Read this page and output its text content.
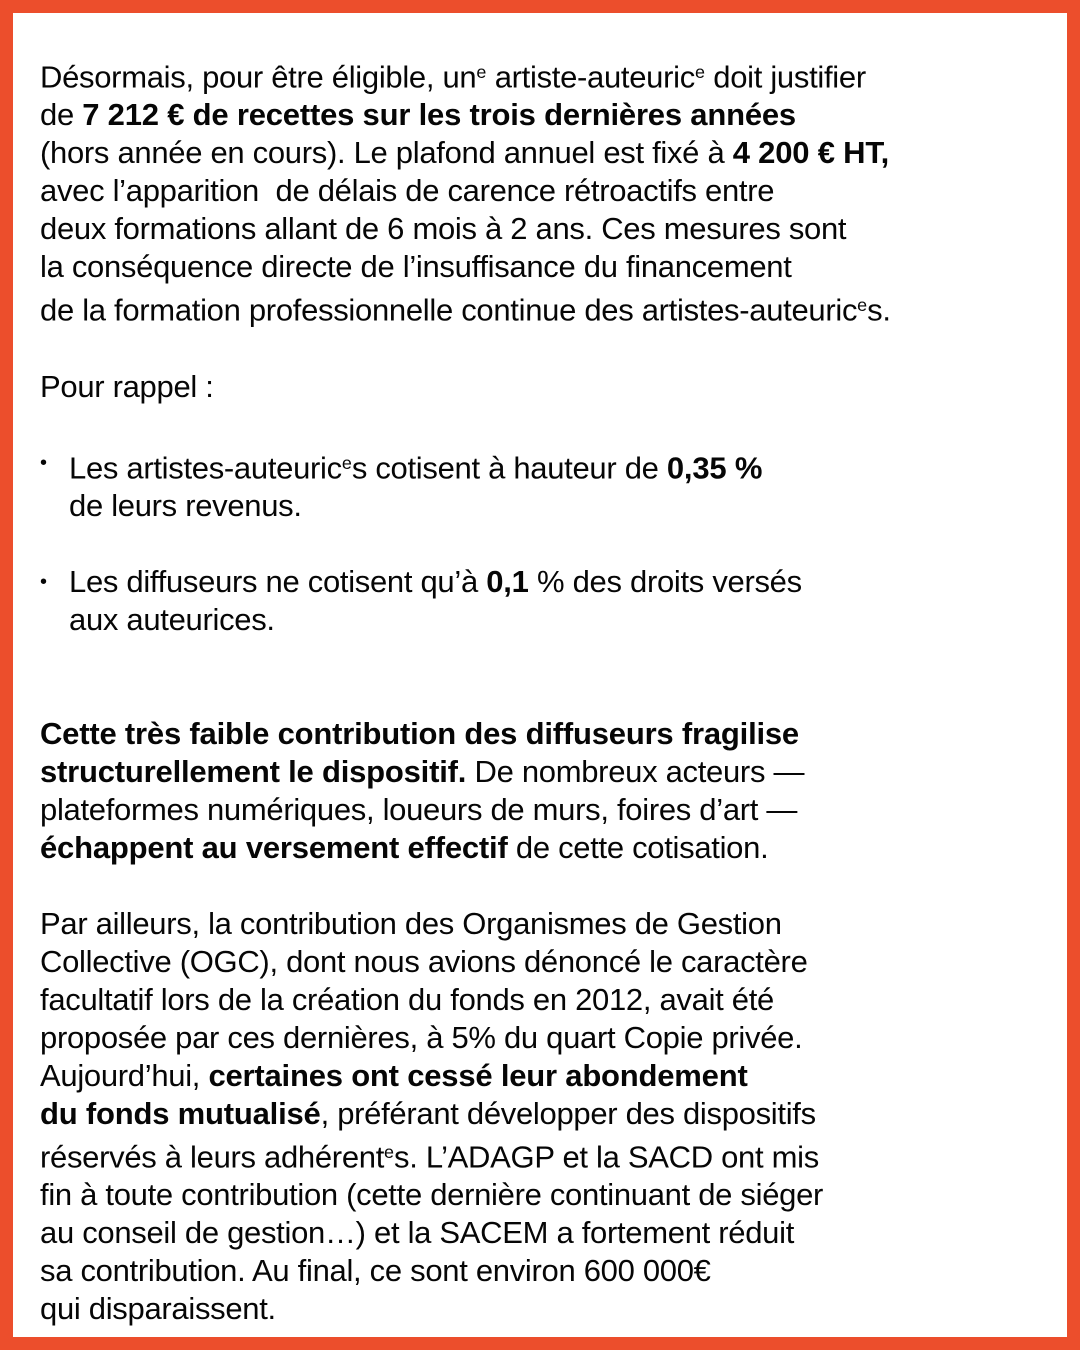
Désormais, pour être éligible, $un^e$ artiste-auteuric$^e$ doit justifier
de 7 212 € de recettes sur les trois dernières années
(hors année en cours). Le plafond annuel est fixé à 4 200 € HT,
avec l’apparition  de délais de carence rétroactifs entre
deux formations allant de 6 mois à 2 ans. Ces mesures sont
la conséquence directe de l’insuffisance du financement
de la formation professionnelle continue des artistes-auteuric$^e$s.

Pour rappel :

• Les artistes-auteuric$^e$s cotisent à hauteur de 0,35 %
de leurs revenus.

• Les diffuseurs ne cotisent qu’à 0,1 % des droits versés
aux auteurices.

Cette très faible contribution des diffuseurs fragilise
structurellement le dispositif. De nombreux acteurs —
plateformes numériques, loueurs de murs, foires d’art —
échappent au versement effectif de cette cotisation.

Par ailleurs, la contribution des Organismes de Gestion
Collective (OGC), dont nous avions dénoncé le caractère
facultatif lors de la création du fonds en 2012, avait été
proposée par ces dernières, à 5% du quart Copie privée.
Aujourd’hui, certaines ont cessé leur abondement
du fonds mutualisé, préférant développer des dispositifs
réservés à leurs adhérent$^e$s. L’ADAGP et la SACD ont mis
fin à toute contribution (cette dernière continuant de siéger
au conseil de gestion…) et la SACEM a fortement réduit
sa contribution. Au final, ce sont environ 600 000€
qui disparaissent.
